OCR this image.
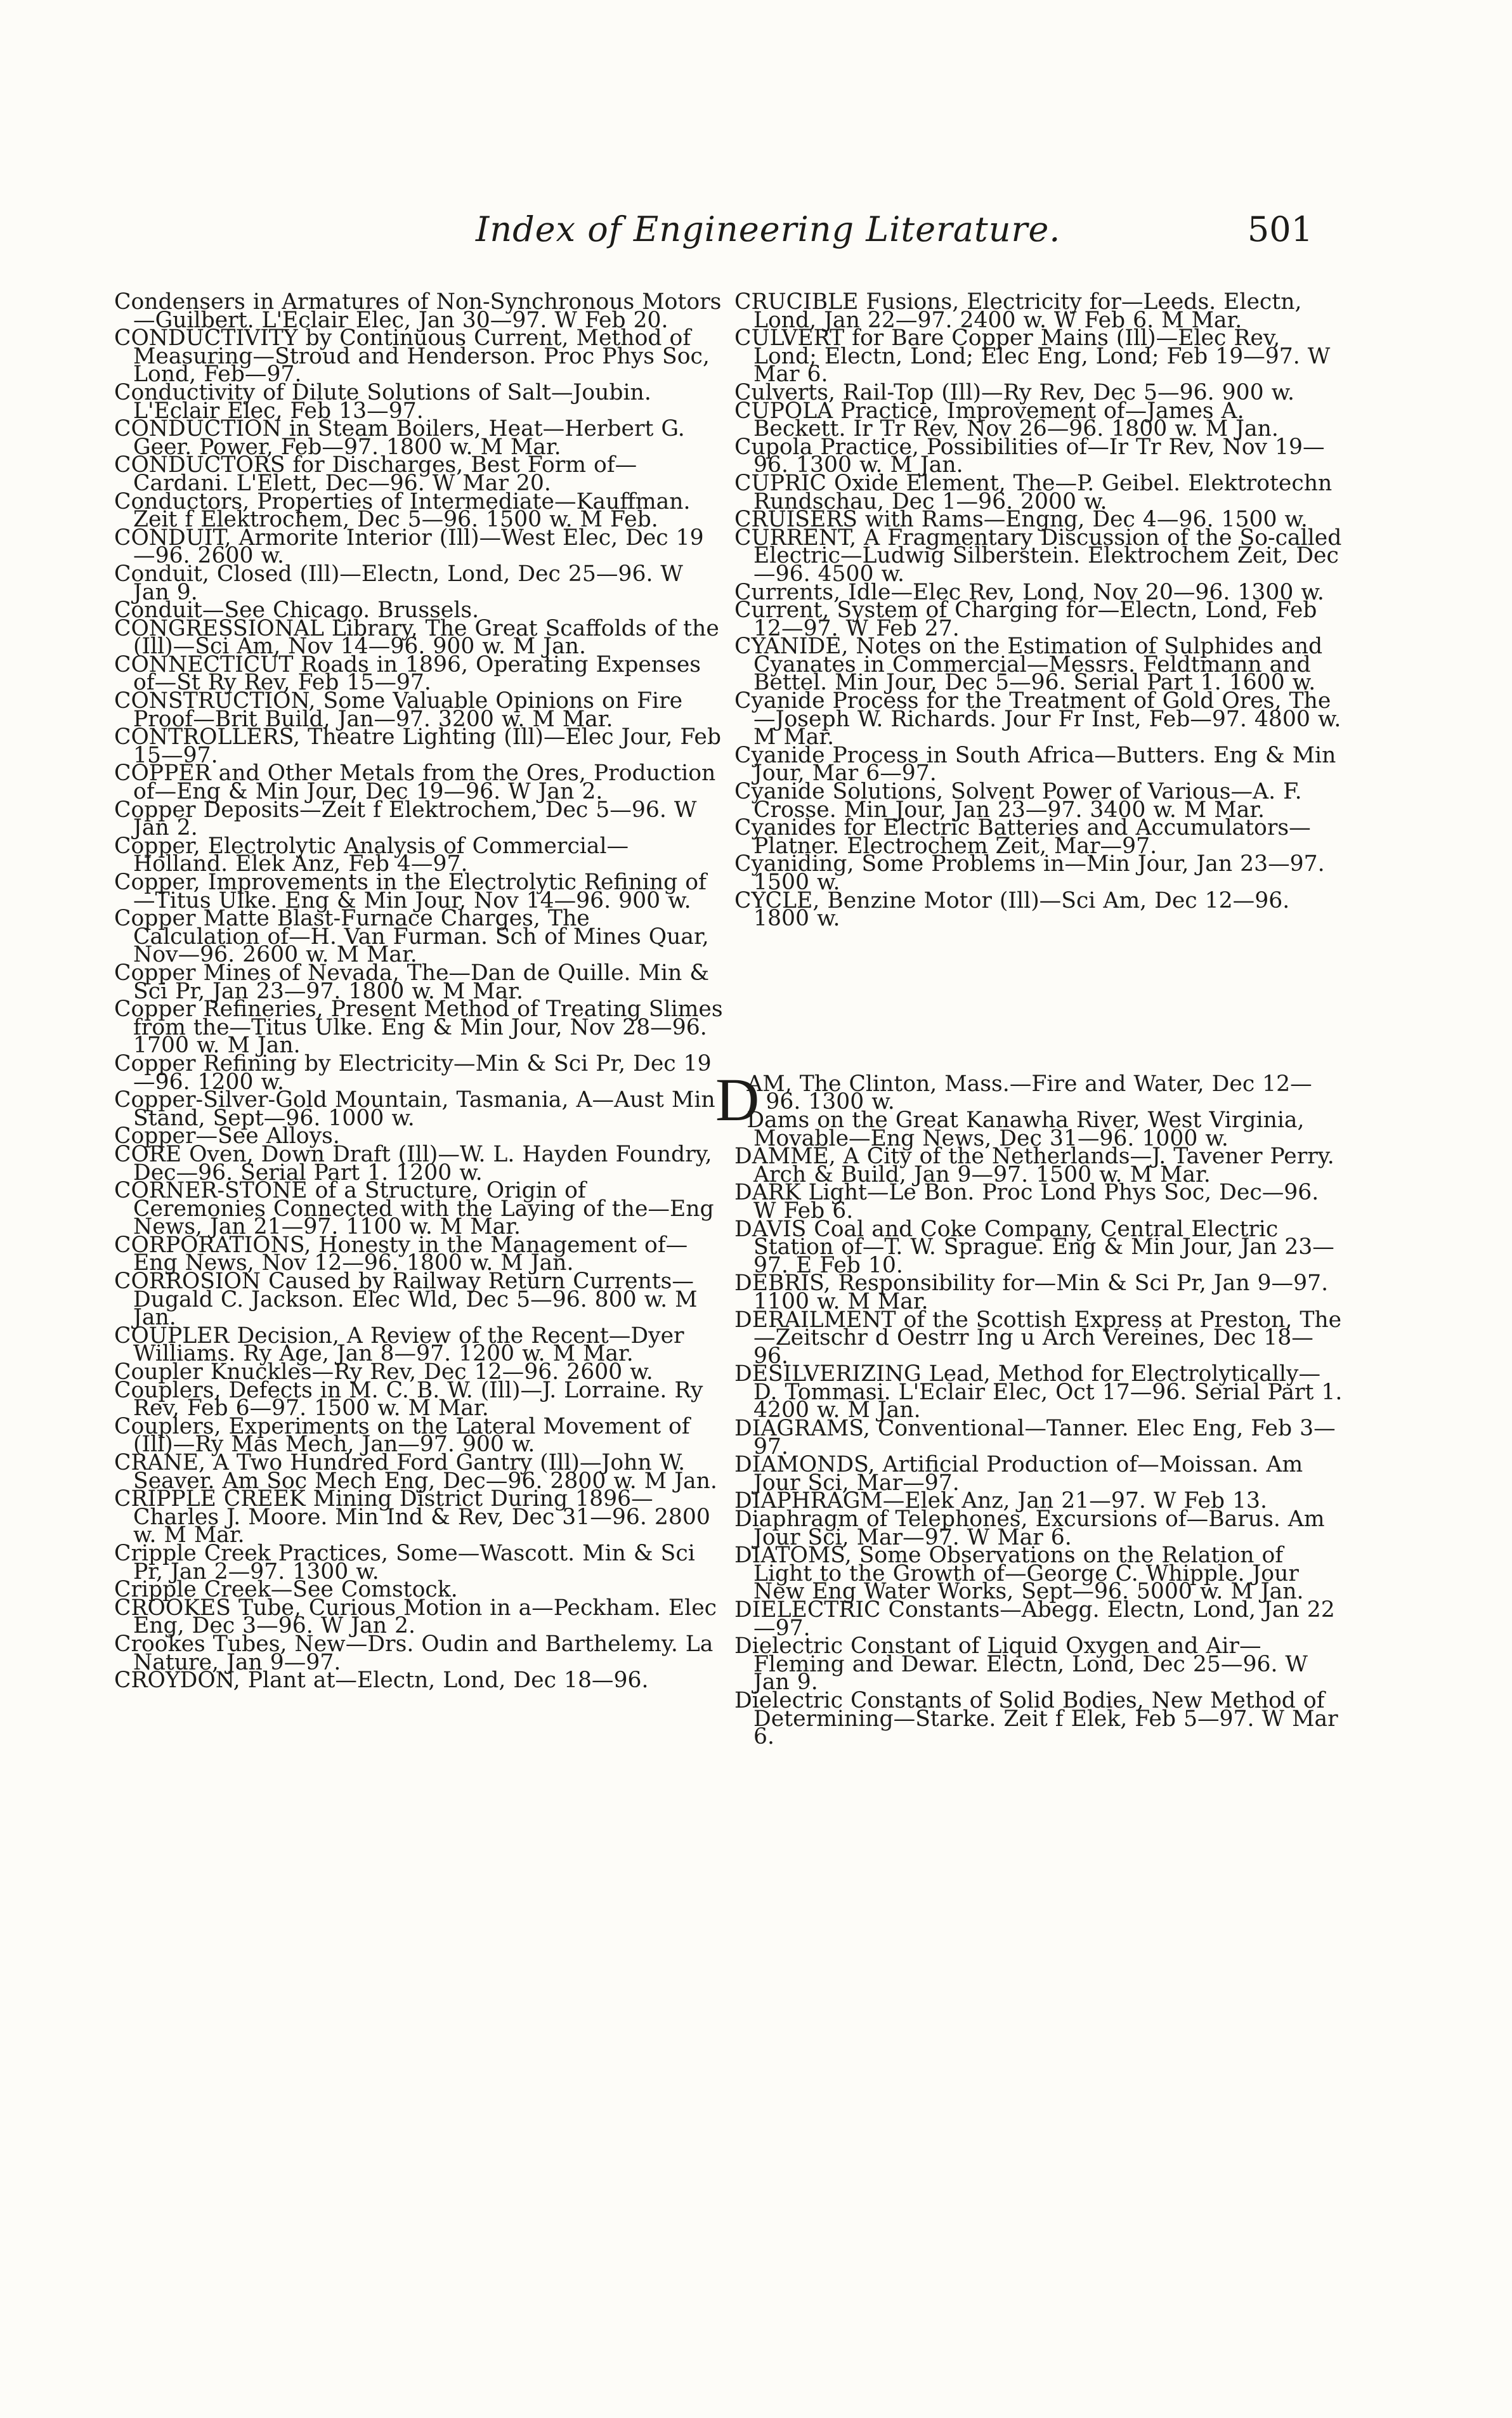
Index of Engineering Literature.	501

Condensers in Armatures of Non-Synchronous Motors—Guilbert. L'Eclair Elec, Jan 30—97. W Feb 20.

CONDUCTIVITY by Continuous Current, Method of Measuring—Stroud and Henderson. Proc Phys Soc, Lond, Feb—97.

Conductivity of Dilute Solutions of Salt—Joubin. L'Eclair Elec, Feb 13—97.

CONDUCTION in Steam Boilers, Heat—Herbert G. Geer. Power, Feb—97. 1800 w. M Mar.

CONDUCTORS for Discharges, Best Form of—Cardani. L'Elett, Dec—96. W Mar 20.

Conductors, Properties of Intermediate—Kauffman. Zeit f Elektrochem, Dec 5—96. 1500 w. M Feb.

CONDUIT, Armorite Interior (Ill)—West Elec, Dec 19—96. 2600 w.

Conduit, Closed (Ill)—Electn, Lond, Dec 25—96. W Jan 9.

Conduit—See Chicago. Brussels.

CONGRESSIONAL Library, The Great Scaffolds of the (Ill)—Sci Am, Nov 14—96. 900 w. M Jan.

CONNECTICUT Roads in 1896, Operating Expenses of—St Ry Rev, Feb 15—97.

CONSTRUCTION, Some Valuable Opinions on Fire Proof—Brit Build, Jan—97. 3200 w. M Mar.

CONTROLLERS, Theatre Lighting (Ill)—Elec Jour, Feb 15—97.

COPPER and Other Metals from the Ores, Production of—Eng & Min Jour, Dec 19—96. W Jan 2.

Copper Deposits—Zeit f Elektrochem, Dec 5—96. W Jan 2.

Copper, Electrolytic Analysis of Commercial—Holland. Elek Anz, Feb 4—97.

Copper, Improvements in the Electrolytic Refining of—Titus Ulke. Eng & Min Jour, Nov 14—96. 900 w.

Copper Matte Blast-Furnace Charges, The Calculation of—H. Van Furman. Sch of Mines Quar, Nov—96. 2600 w. M Mar.

Copper Mines of Nevada, The—Dan de Quille. Min & Sci Pr, Jan 23—97. 1800 w. M Mar.

Copper Refineries, Present Method of Treating Slimes from the—Titus Ulke. Eng & Min Jour, Nov 28—96. 1700 w. M Jan.

Copper Refining by Electricity—Min & Sci Pr, Dec 19—96. 1200 w.

Copper-Silver-Gold Mountain, Tasmania, A—Aust Min Stand, Sept—96. 1000 w.

Copper—See Alloys.

CORE Oven, Down Draft (Ill)—W. L. Hayden Foundry, Dec—96. Serial Part 1. 1200 w.

CORNER-STONE of a Structure, Origin of Ceremonies Connected with the Laying of the—Eng News, Jan 21—97. 1100 w. M Mar.

CORPORATIONS, Honesty in the Management of—Eng News, Nov 12—96. 1800 w. M Jan.

CORROSION Caused by Railway Return Currents—Dugald C. Jackson. Elec Wld, Dec 5—96. 800 w. M Jan.

COUPLER Decision, A Review of the Recent—Dyer Williams. Ry Age, Jan 8—97. 1200 w. M Mar.

Coupler Knuckles—Ry Rev, Dec 12—96. 2600 w.

Couplers, Defects in M. C. B. W. (Ill)—J. Lorraine. Ry Rev, Feb 6—97. 1500 w. M Mar.

Couplers, Experiments on the Lateral Movement of (Ill)—Ry Mas Mech, Jan—97. 900 w.

CRANE, A Two Hundred Ford Gantry (Ill)—John W. Seaver. Am Soc Mech Eng, Dec—96. 2800 w. M Jan.

CRIPPLE CREEK Mining District During 1896—Charles J. Moore. Min Ind & Rev, Dec 31—96. 2800 w. M Mar.

Cripple Creek Practices, Some—Wascott. Min & Sci Pr, Jan 2—97. 1300 w.

Cripple Creek—See Comstock.

CROOKES Tube, Curious Motion in a—Peckham. Elec Eng, Dec 3—96. W Jan 2.

Crookes Tubes, New—Drs. Oudin and Barthelemy. La Nature, Jan 9—97.

CROYDON, Plant at—Electn, Lond, Dec 18—96.

CRUCIBLE Fusions, Electricity for—Leeds. Electn, Lond, Jan 22—97. 2400 w. W Feb 6. M Mar.

CULVERT for Bare Copper Mains (Ill)—Elec Rev, Lond; Electn, Lond; Elec Eng, Lond; Feb 19—97. W Mar 6.

Culverts, Rail-Top (Ill)—Ry Rev, Dec 5—96. 900 w.

CUPOLA Practice, Improvement of—James A. Beckett. Ir Tr Rev, Nov 26—96. 1800 w. M Jan.

Cupola Practice, Possibilities of—Ir Tr Rev, Nov 19—96. 1300 w. M Jan.

CUPRIC Oxide Element, The—P. Geibel. Elektrotechn Rundschau, Dec 1—96. 2000 w.

CRUISERS with Rams—Engng, Dec 4—96. 1500 w.

CURRENT, A Fragmentary Discussion of the So-called Electric—Ludwig Silberstein. Elektrochem Zeit, Dec—96. 4500 w.

Currents, Idle—Elec Rev, Lond, Nov 20—96. 1300 w.

Current, System of Charging for—Electn, Lond, Feb 12—97. W Feb 27.

CYANIDE, Notes on the Estimation of Sulphides and Cyanates in Commercial—Messrs. Feldtmann and Bettel. Min Jour, Dec 5—96. Serial Part 1. 1600 w.

Cyanide Process for the Treatment of Gold Ores, The—Joseph W. Richards. Jour Fr Inst, Feb—97. 4800 w. M Mar.

Cyanide Process in South Africa—Butters. Eng & Min Jour, Mar 6—97.

Cyanide Solutions, Solvent Power of Various—A. F. Crosse. Min Jour, Jan 23—97. 3400 w. M Mar.

Cyanides for Electric Batteries and Accumulators—Platner. Electrochem Zeit, Mar—97.

Cyaniding, Some Problems in—Min Jour, Jan 23—97. 1500 w.

CYCLE, Benzine Motor (Ill)—Sci Am, Dec 12—96. 1800 w.

D
AM, The Clinton, Mass.—Fire and Water, Dec 12—96. 1300 w.

Dams on the Great Kanawha River, West Virginia, Movable—Eng News, Dec 31—96. 1000 w.

DAMME, A City of the Netherlands—J. Tavener Perry. Arch & Build, Jan 9—97. 1500 w. M Mar.

DARK Light—Le Bon. Proc Lond Phys Soc, Dec—96. W Feb 6.

DAVIS Coal and Coke Company, Central Electric Station of—T. W. Sprague. Eng & Min Jour, Jan 23—97. E Feb 10.

DEBRIS, Responsibility for—Min & Sci Pr, Jan 9—97. 1100 w. M Mar.

DERAILMENT of the Scottish Express at Preston, The—Zeitschr d Oestrr Ing u Arch Vereines, Dec 18—96.

DESILVERIZING Lead, Method for Electrolytically—D. Tommasi. L'Eclair Elec, Oct 17—96. Serial Part 1. 4200 w. M Jan.

DIAGRAMS, Conventional—Tanner. Elec Eng, Feb 3—97.

DIAMONDS, Artificial Production of—Moissan. Am Jour Sci, Mar—97.

DIAPHRAGM—Elek Anz, Jan 21—97. W Feb 13.

Diaphragm of Telephones, Excursions of—Barus. Am Jour Sci, Mar—97. W Mar 6.

DIATOMS, Some Observations on the Relation of Light to the Growth of—George C. Whipple. Jour New Eng Water Works, Sept—96. 5000 w. M Jan.

DIELECTRIC Constants—Abegg. Electn, Lond, Jan 22—97.

Dielectric Constant of Liquid Oxygen and Air—Fleming and Dewar. Electn, Lond, Dec 25—96. W Jan 9.

Dielectric Constants of Solid Bodies, New Method of Determining—Starke. Zeit f Elek, Feb 5—97. W Mar 6.
